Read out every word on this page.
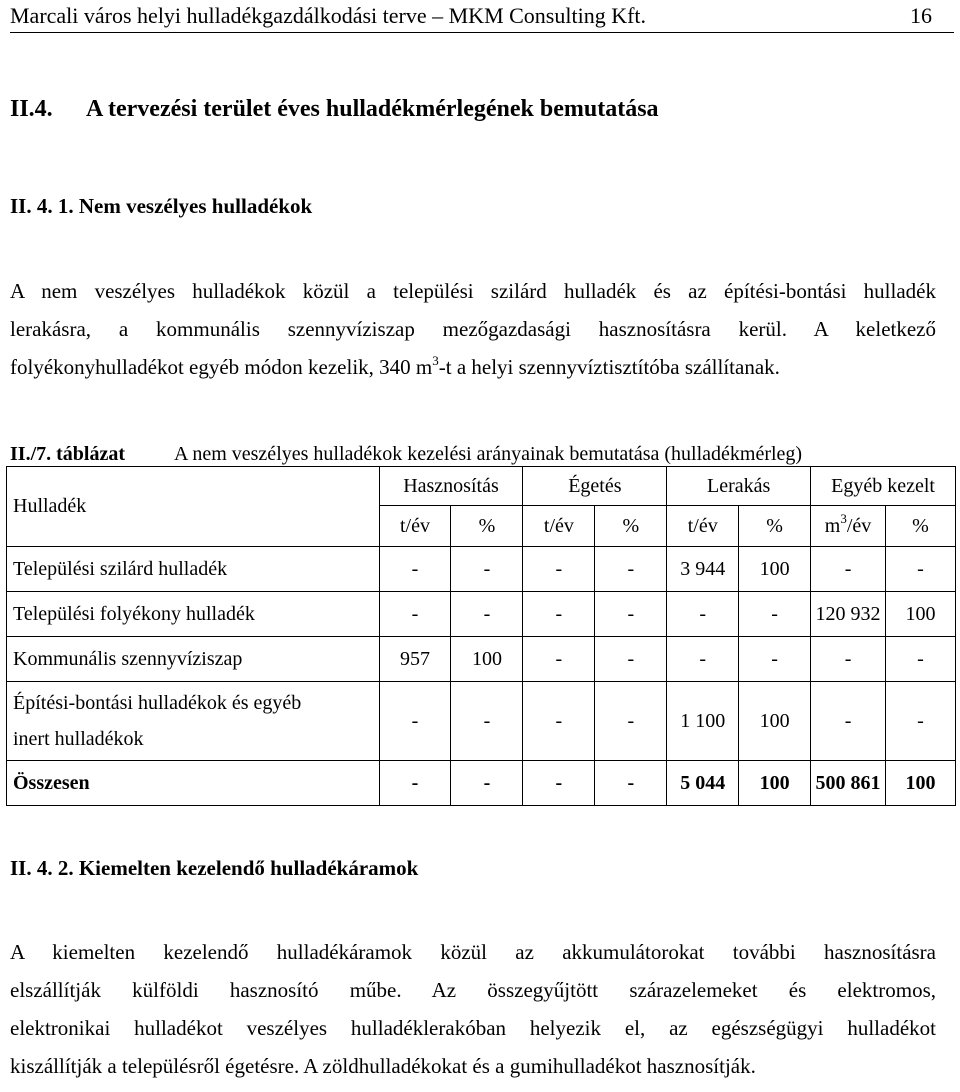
Marcali város helyi hulladékgazdálkodási terve – MKM Consulting Kft.	16
II.4. A tervezési terület éves hulladékmérlegének bemutatása
II. 4. 1. Nem veszélyes hulladékok
A nem veszélyes hulladékok közül a települési szilárd hulladék és az építési-bontási hulladék
lerakásra, a kommunális szennyvíziszap mezőgazdasági hasznosításra kerül. A keletkező
folyékonyhulladékot egyéb módon kezelik, 340 $m^3-t$ a helyi szennyvíztisztítóba szállítanak.
II./7. táblázat A nem veszélyes hulladékok kezelési arányainak bemutatása (hulladékmérleg)
Hulladék	Hasznosítás		Égetés		Lerakás		Egyéb kezelt	
	t/év	%	t/év	%	t/év	%	$m^3/év$	%
Települési szilárd hulladék	-	-	-	-	3 944	100	-	-
Települési folyékony hulladék	-	-	-	-	-	-	120 932	100
Kommunális szennyvíziszap	957	100	-	-	-	-	-	-
Építési-bontási hulladékok és egyéb
inert hulladékok	-	-	-	-	1 100	100	-	-
Összesen	-	-	-	-	5 044	100	500 861	100
II. 4. 2. Kiemelten kezelendő hulladékáramok
A kiemelten kezelendő hulladékáramok közül az akkumulátorokat további hasznosításra
elszállítják külföldi hasznosító műbe. Az összegyűjtött szárazelemeket és elektromos,
elektronikai hulladékot veszélyes hulladéklerakóban helyezik el, az egészségügyi hulladékot
kiszállítják a településről égetésre. A zöldhulladékokat és a gumihulladékot hasznosítják.
